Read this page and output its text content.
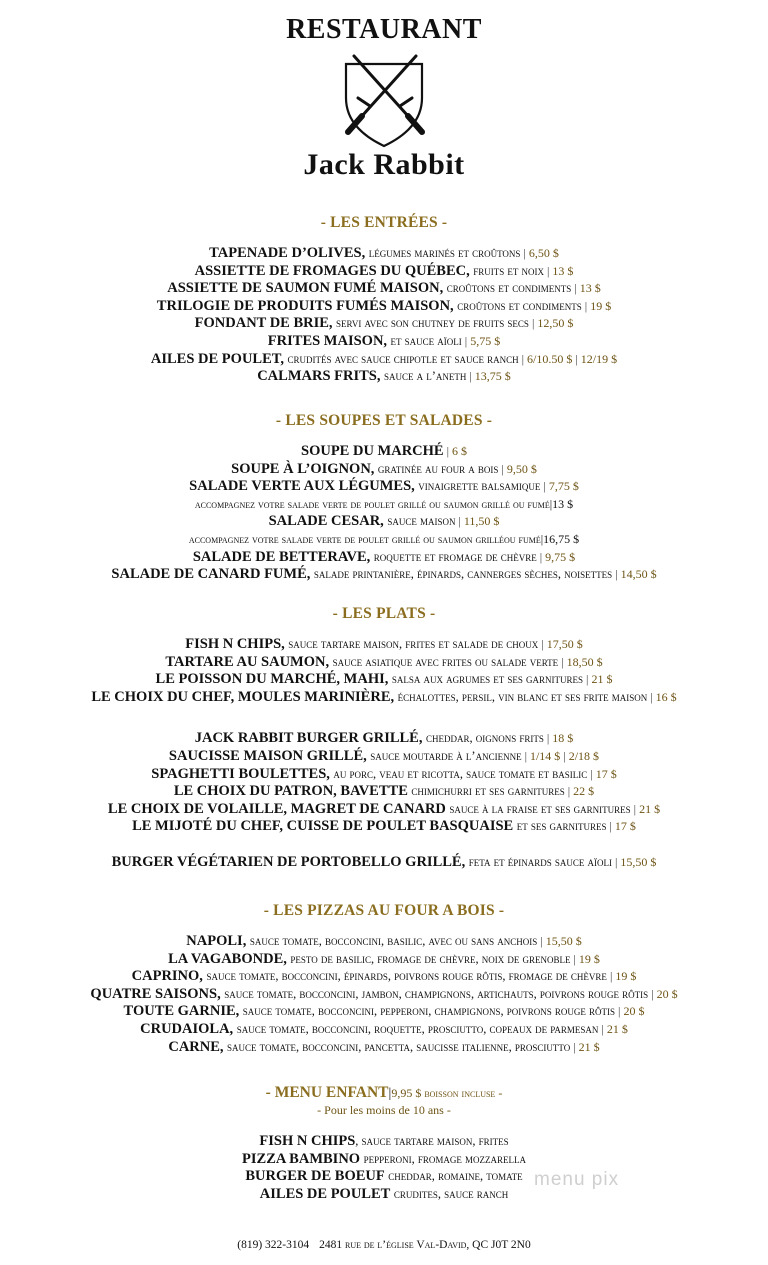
RESTAURANT
Jack Rabbit
- LES ENTRÉES -
TAPENADE D’OLIVES, légumes marinés et croûtons | 6,50 $
ASSIETTE DE FROMAGES DU QUÉBEC, fruits et noix | 13 $
ASSIETTE DE SAUMON FUMÉ MAISON, croûtons et condiments | 13 $
TRILOGIE DE PRODUITS FUMÉS MAISON, croûtons et condiments | 19 $
FONDANT DE BRIE, servi avec son chutney de fruits secs | 12,50 $
FRITES MAISON, et sauce aïoli | 5,75 $
AILES DE POULET, crudités avec sauce chipotle et sauce ranch | 6/10.50 $ | 12/19 $
CALMARS FRITS, sauce a l’aneth | 13,75 $
- LES SOUPES ET SALADES -
SOUPE DU MARCHÉ | 6 $
SOUPE À L’OIGNON, gratinée au four a bois | 9,50 $
SALADE VERTE AUX LÉGUMES, vinaigrette balsamique | 7,75 $
accompagnez votre salade verte de poulet grillé ou saumon grillé ou fumé|13 $
SALADE CESAR, sauce maison | 11,50 $
accompagnez votre salade verte de poulet grillé ou saumon grilléou fumé|16,75 $
SALADE DE BETTERAVE, roquette et fromage de chèvre | 9,75 $
SALADE DE CANARD FUMÉ, salade printanière, épinards, cannerges sèches, noisettes | 14,50 $
- LES PLATS -
FISH N CHIPS, sauce tartare maison, frites et salade de choux | 17,50 $
TARTARE AU SAUMON, sauce asiatique avec frites ou salade verte | 18,50 $
LE POISSON DU MARCHÉ, MAHI, salsa aux agrumes et ses garnitures | 21 $
LE CHOIX DU CHEF, MOULES MARINIÈRE, échalottes, persil, vin blanc et ses frite maison | 16 $
JACK RABBIT BURGER GRILLÉ, cheddar, oignons frits | 18 $
SAUCISSE MAISON GRILLÉ, sauce moutarde à l’ancienne | 1/14 $ | 2/18 $
SPAGHETTI BOULETTES, au porc, veau et ricotta, sauce tomate et basilic | 17 $
LE CHOIX DU PATRON, BAVETTE chimichurri et ses garnitures | 22 $
LE CHOIX DE VOLAILLE, MAGRET DE CANARD sauce à la fraise et ses garnitures | 21 $
LE MIJOTÉ DU CHEF, CUISSE DE POULET BASQUAISE et ses garnitures | 17 $
BURGER VÉGÉTARIEN DE PORTOBELLO GRILLÉ, feta et épinards sauce aïoli | 15,50 $
- LES PIZZAS AU FOUR A BOIS -
NAPOLI, sauce tomate, bocconcini, basilic, avec ou sans anchois | 15,50 $
LA VAGABONDE, pesto de basilic, fromage de chèvre, noix de grenoble | 19 $
CAPRINO, sauce tomate, bocconcini, épinards, poivrons rouge rôtis, fromage de chèvre | 19 $
QUATRE SAISONS, sauce tomate, bocconcini, jambon, champignons, artichauts, poivrons rouge rôtis | 20 $
TOUTE GARNIE, sauce tomate, bocconcini, pepperoni, champignons, poivrons rouge rôtis | 20 $
CRUDAIOLA, sauce tomate, bocconcini, roquette, prosciutto, copeaux de parmesan | 21 $
CARNE, sauce tomate, bocconcini, pancetta, saucisse italienne, prosciutto | 21 $
- MENU ENFANT|9,95 $ boisson incluse -
- Pour les moins de 10 ans -
FISH N CHIPS, sauce tartare maison, frites
PIZZA BAMBINO pepperoni, fromage mozzarella
BURGER DE BOEUF cheddar, romaine, tomate
AILES DE POULET crudites, sauce ranch
menu pix
(819) 322-3104 2481 rue de l’église Val-David, QC J0T 2N0
